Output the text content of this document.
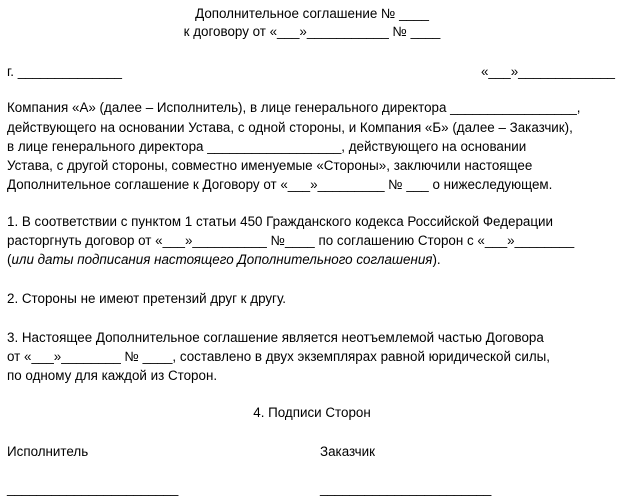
Дополнительное соглашение № ____
к договору от «___»___________ № ____
г. ______________	«___»_____________
Компания «А» (далее – Исполнитель), в лице генерального директора _________________,
действующего на основании Устава, с одной стороны, и Компания «Б» (далее – Заказчик),
в лице генерального директора __________________, действующего на основании
Устава, с другой стороны, совместно именуемые «Стороны», заключили настоящее
Дополнительное соглашение к Договору от «___»_________ № ___ о нижеследующем.
1. В соответствии с пунктом 1 статьи 450 Гражданского кодекса Российской Федерации
расторгнуть договор от «___»__________ №____ по соглашению Сторон с «___»________
(или даты подписания настоящего Дополнительного соглашения).
2. Стороны не имеют претензий друг к другу.
3. Настоящее Дополнительное соглашение является неотъемлемой частью Договора
от «___»________ № ____, составлено в двух экземплярах равной юридической силы,
по одному для каждой из Сторон.
4. Подписи Сторон
Исполнитель	Заказчик
_______________________	_______________________
